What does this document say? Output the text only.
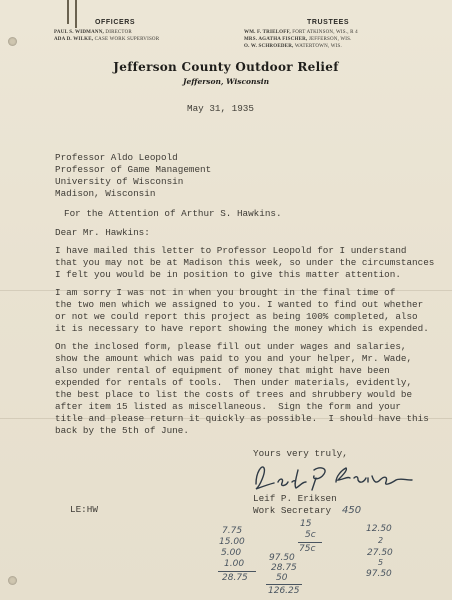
OFFICERS
PAUL S. WIDMANN, DIRECTOR
ADA D. WILKE, CASE WORK SUPERVISOR
TRUSTEES
WM. F. TRIELOFF, FORT ATKINSON, WIS., R 4
MRS. AGATHA FISCHER, JEFFERSON, WIS.
O. W. SCHROEDER, WATERTOWN, WIS.
Jefferson County Outdoor Relief
Jefferson, Wisconsin
May 31, 1935
Professor Aldo Leopold
Professor of Game Management
University of Wisconsin
Madison, Wisconsin
For the Attention of Arthur S. Hawkins.
Dear Mr. Hawkins:
I have mailed this letter to Professor Leopold for I understand
that you may not be at Madison this week, so under the circumstances
I felt you would be in position to give this matter attention.
I am sorry I was not in when you brought in the final time of
the two men which we assigned to you. I wanted to find out whether
or not we could report this project as being 100% completed, also
it is necessary to have report showing the money which is expended.
On the inclosed form, please fill out under wages and salaries,
show the amount which was paid to you and your helper, Mr. Wade,
also under rental of equipment of money that might have been
expended for rentals of tools.  Then under materials, evidently,
the best place to list the costs of trees and shrubbery would be
after item 15 listed as miscellaneous.  Sign the form and your
title and please return it quickly as possible.  I should have this
back by the 5th of June.
Yours very truly,
Leif P. Eriksen
Work Secretary
LE:HW
7.75
15.00
5.00
1.00
28.75
15
5c
75c
450
97.50
28.75
50
126.25
12.50
2
27.50
5
97.50
